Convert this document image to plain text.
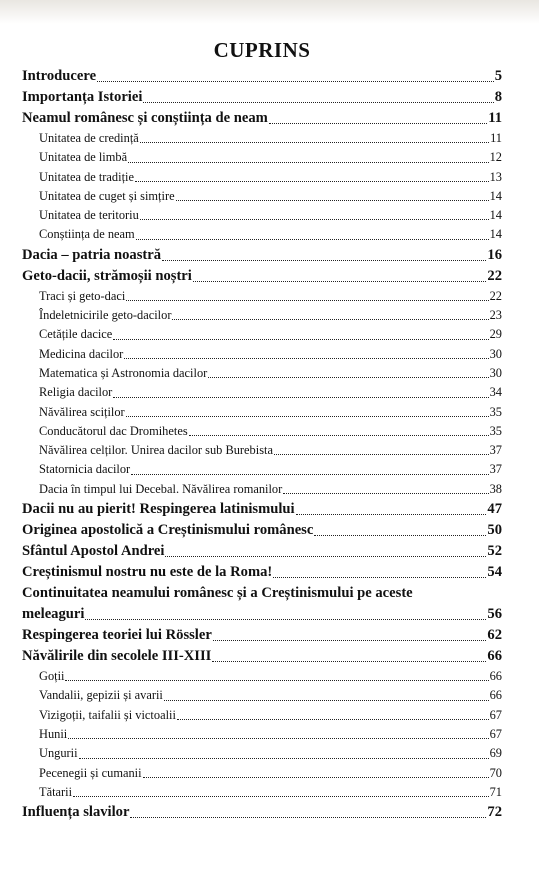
CUPRINS
Introducere	5
Importanța Istoriei	8
Neamul românesc și conștiința de neam	11
Unitatea de credință	11
Unitatea de limbă	12
Unitatea de tradiție	13
Unitatea de cuget și simțire	14
Unitatea de teritoriu	14
Conștiința de neam	14
Dacia – patria noastră	16
Geto-dacii, strămoșii noștri	22
Traci și geto-daci	22
Îndeletnicirile geto-dacilor	23
Cetățile dacice	29
Medicina dacilor	30
Matematica și Astronomia dacilor	30
Religia dacilor	34
Năvălirea sciților	35
Conducătorul dac Dromihetes	35
Năvălirea celților. Unirea dacilor sub Burebista	37
Statornicia dacilor	37
Dacia în timpul lui Decebal. Năvălirea romanilor	38
Dacii nu au pierit! Respingerea latinismului	47
Originea apostolică a Creștinismului românesc	50
Sfântul Apostol Andrei	52
Creștinismul nostru nu este de la Roma!	54
Continuitatea neamului românesc și a Creștinismului pe aceste
meleaguri	56
Respingerea teoriei lui Rössler	62
Năvălirile din secolele III-XIII	66
Goții	66
Vandalii, gepizii și avarii	66
Vizigoții, taifalii și victoalii	67
Hunii	67
Ungurii	69
Pecenegii și cumanii	70
Tătarii	71
Influența slavilor	72
